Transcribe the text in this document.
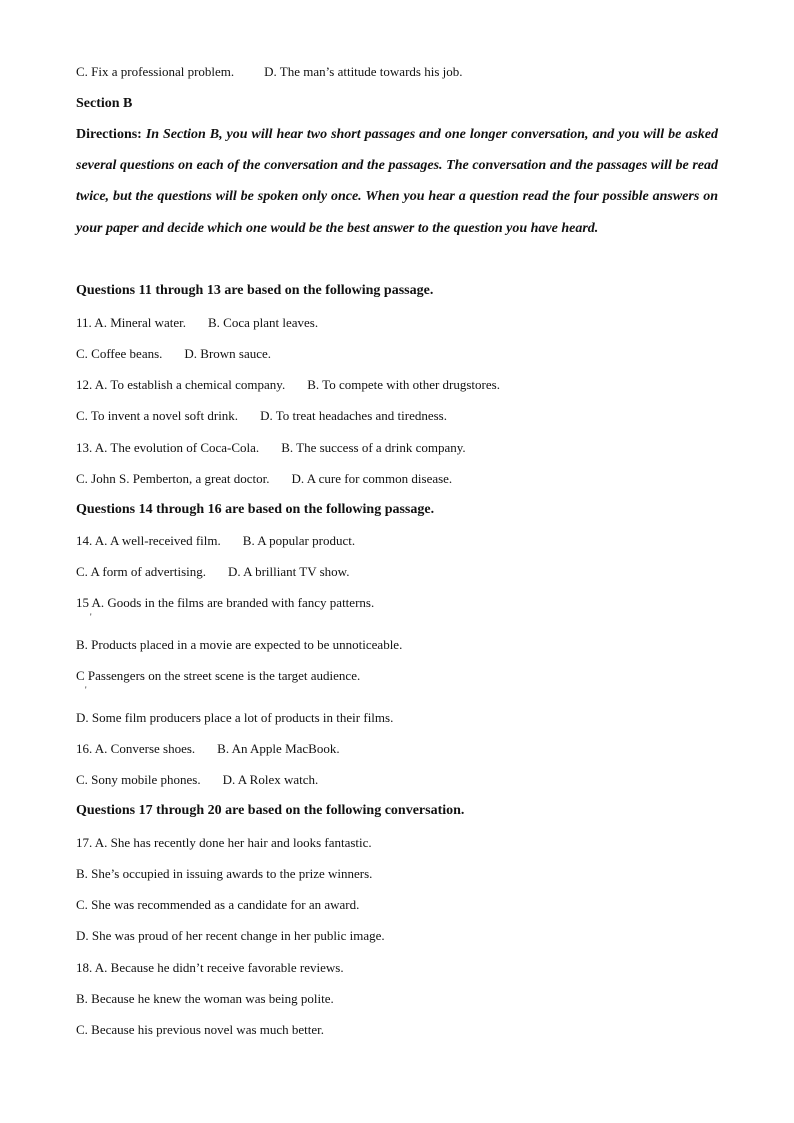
C. Fix a professional problem. D. The man’s attitude towards his job.
Section B
Directions: In Section B, you will hear two short passages and one longer conversation, and you will be asked several questions on each of the conversation and the passages. The conversation and the passages will be read twice, but the questions will be spoken only once. When you hear a question read the four possible answers on your paper and decide which one would be the best answer to the question you have heard.
Questions 11 through 13 are based on the following passage.
11. A. Mineral water. B. Coca plant leaves.
C. Coffee beans. D. Brown sauce.
12. A. To establish a chemical company. B. To compete with other drugstores.
C. To invent a novel soft drink. D. To treat headaches and tiredness.
13. A. The evolution of Coca-Cola. B. The success of a drink company.
C. John S. Pemberton, a great doctor. D. A cure for common disease.
Questions 14 through 16 are based on the following passage.
14. A. A well-received film. B. A popular product.
C. A form of advertising. D. A brilliant TV show.
15 A. Goods in the films are branded with fancy patterns.
'
B. Products placed in a movie are expected to be unnoticeable.
C Passengers on the street scene is the target audience.
'
D. Some film producers place a lot of products in their films.
16. A. Converse shoes. B. An Apple MacBook.
C. Sony mobile phones. D. A Rolex watch.
Questions 17 through 20 are based on the following conversation.
17. A. She has recently done her hair and looks fantastic.
B. She’s occupied in issuing awards to the prize winners.
C. She was recommended as a candidate for an award.
D. She was proud of her recent change in her public image.
18. A. Because he didn’t receive favorable reviews.
B. Because he knew the woman was being polite.
C. Because his previous novel was much better.
